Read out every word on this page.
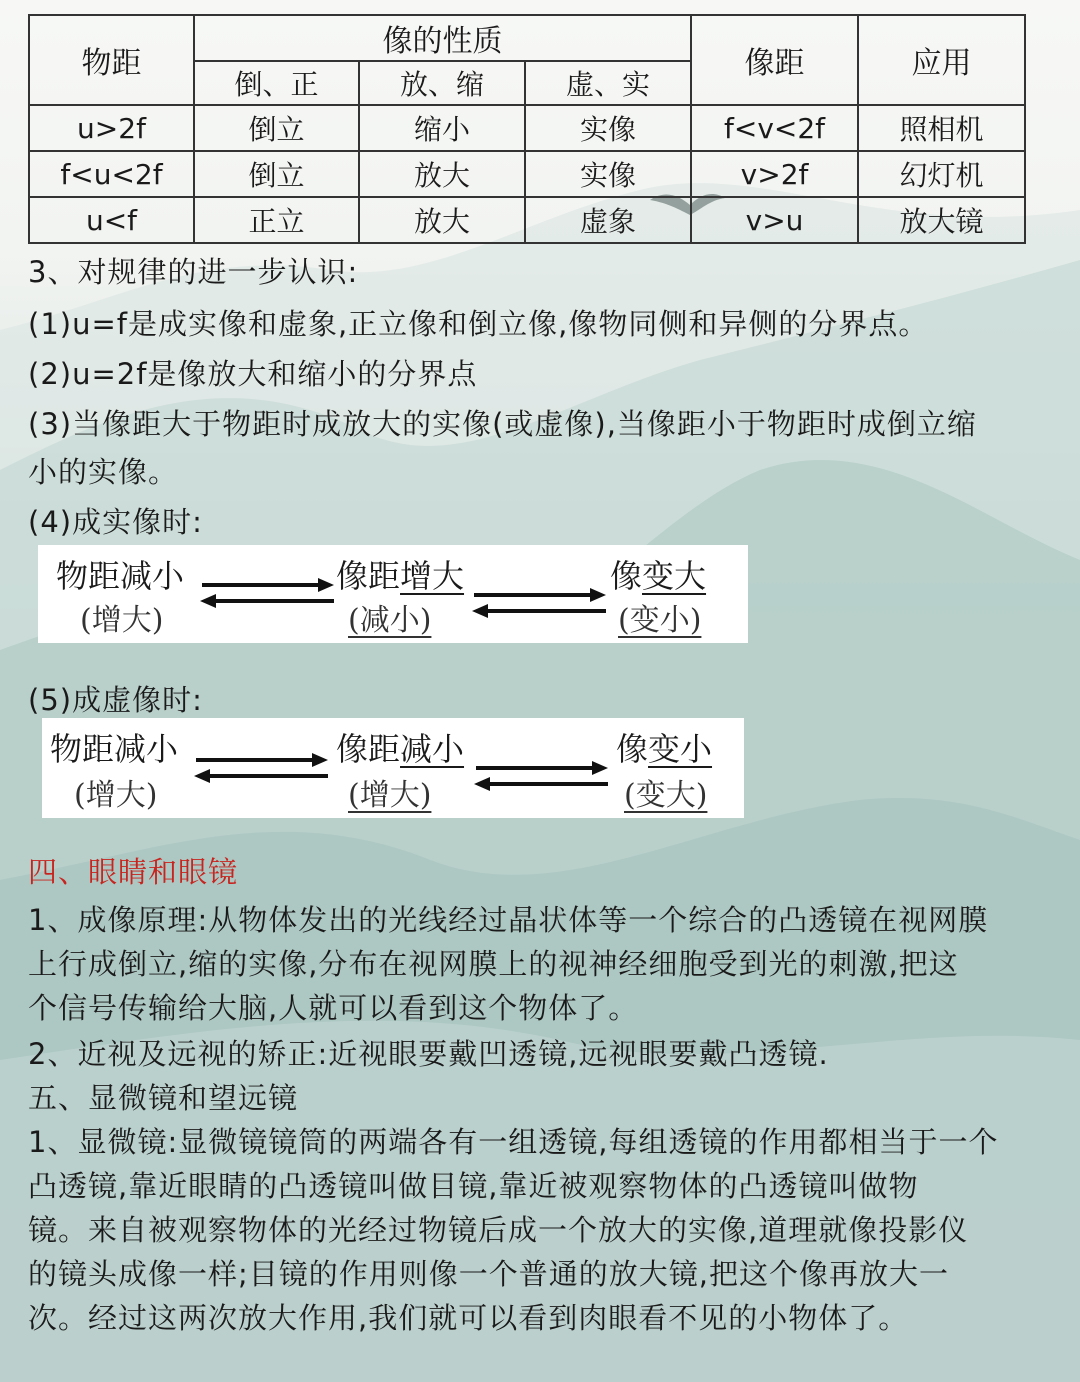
物距	像的性质			像距	应用
	倒、正	放、缩	虚、实		
u>2f	倒立	缩小	实像	f<v<2f	照相机
f<u<2f	倒立	放大	实像	v>2f	幻灯机
u<f	正立	放大	虚象	v>u	放大镜
3、对规律的进一步认识:
(1)u=f是成实像和虚象,正立像和倒立像,像物同侧和异侧的分界点。
(2)u=2f是像放大和缩小的分界点
(3)当像距大于物距时成放大的实像(或虚像),当像距小于物距时成倒立缩
小的实像。
(4)成实像时:
物距减小
(增大)
像距增大
(减小)
像变大
(变小)
(5)成虚像时:
物距减小
(增大)
像距减小
(增大)
像变小
(变大)
四、眼睛和眼镜
1、成像原理:从物体发出的光线经过晶状体等一个综合的凸透镜在视网膜
上行成倒立,缩的实像,分布在视网膜上的视神经细胞受到光的刺激,把这
个信号传输给大脑,人就可以看到这个物体了。
2、近视及远视的矫正:近视眼要戴凹透镜,远视眼要戴凸透镜.
五、显微镜和望远镜
1、显微镜:显微镜镜筒的两端各有一组透镜,每组透镜的作用都相当于一个
凸透镜,靠近眼睛的凸透镜叫做目镜,靠近被观察物体的凸透镜叫做物
镜。来自被观察物体的光经过物镜后成一个放大的实像,道理就像投影仪
的镜头成像一样;目镜的作用则像一个普通的放大镜,把这个像再放大一
次。经过这两次放大作用,我们就可以看到肉眼看不见的小物体了。
